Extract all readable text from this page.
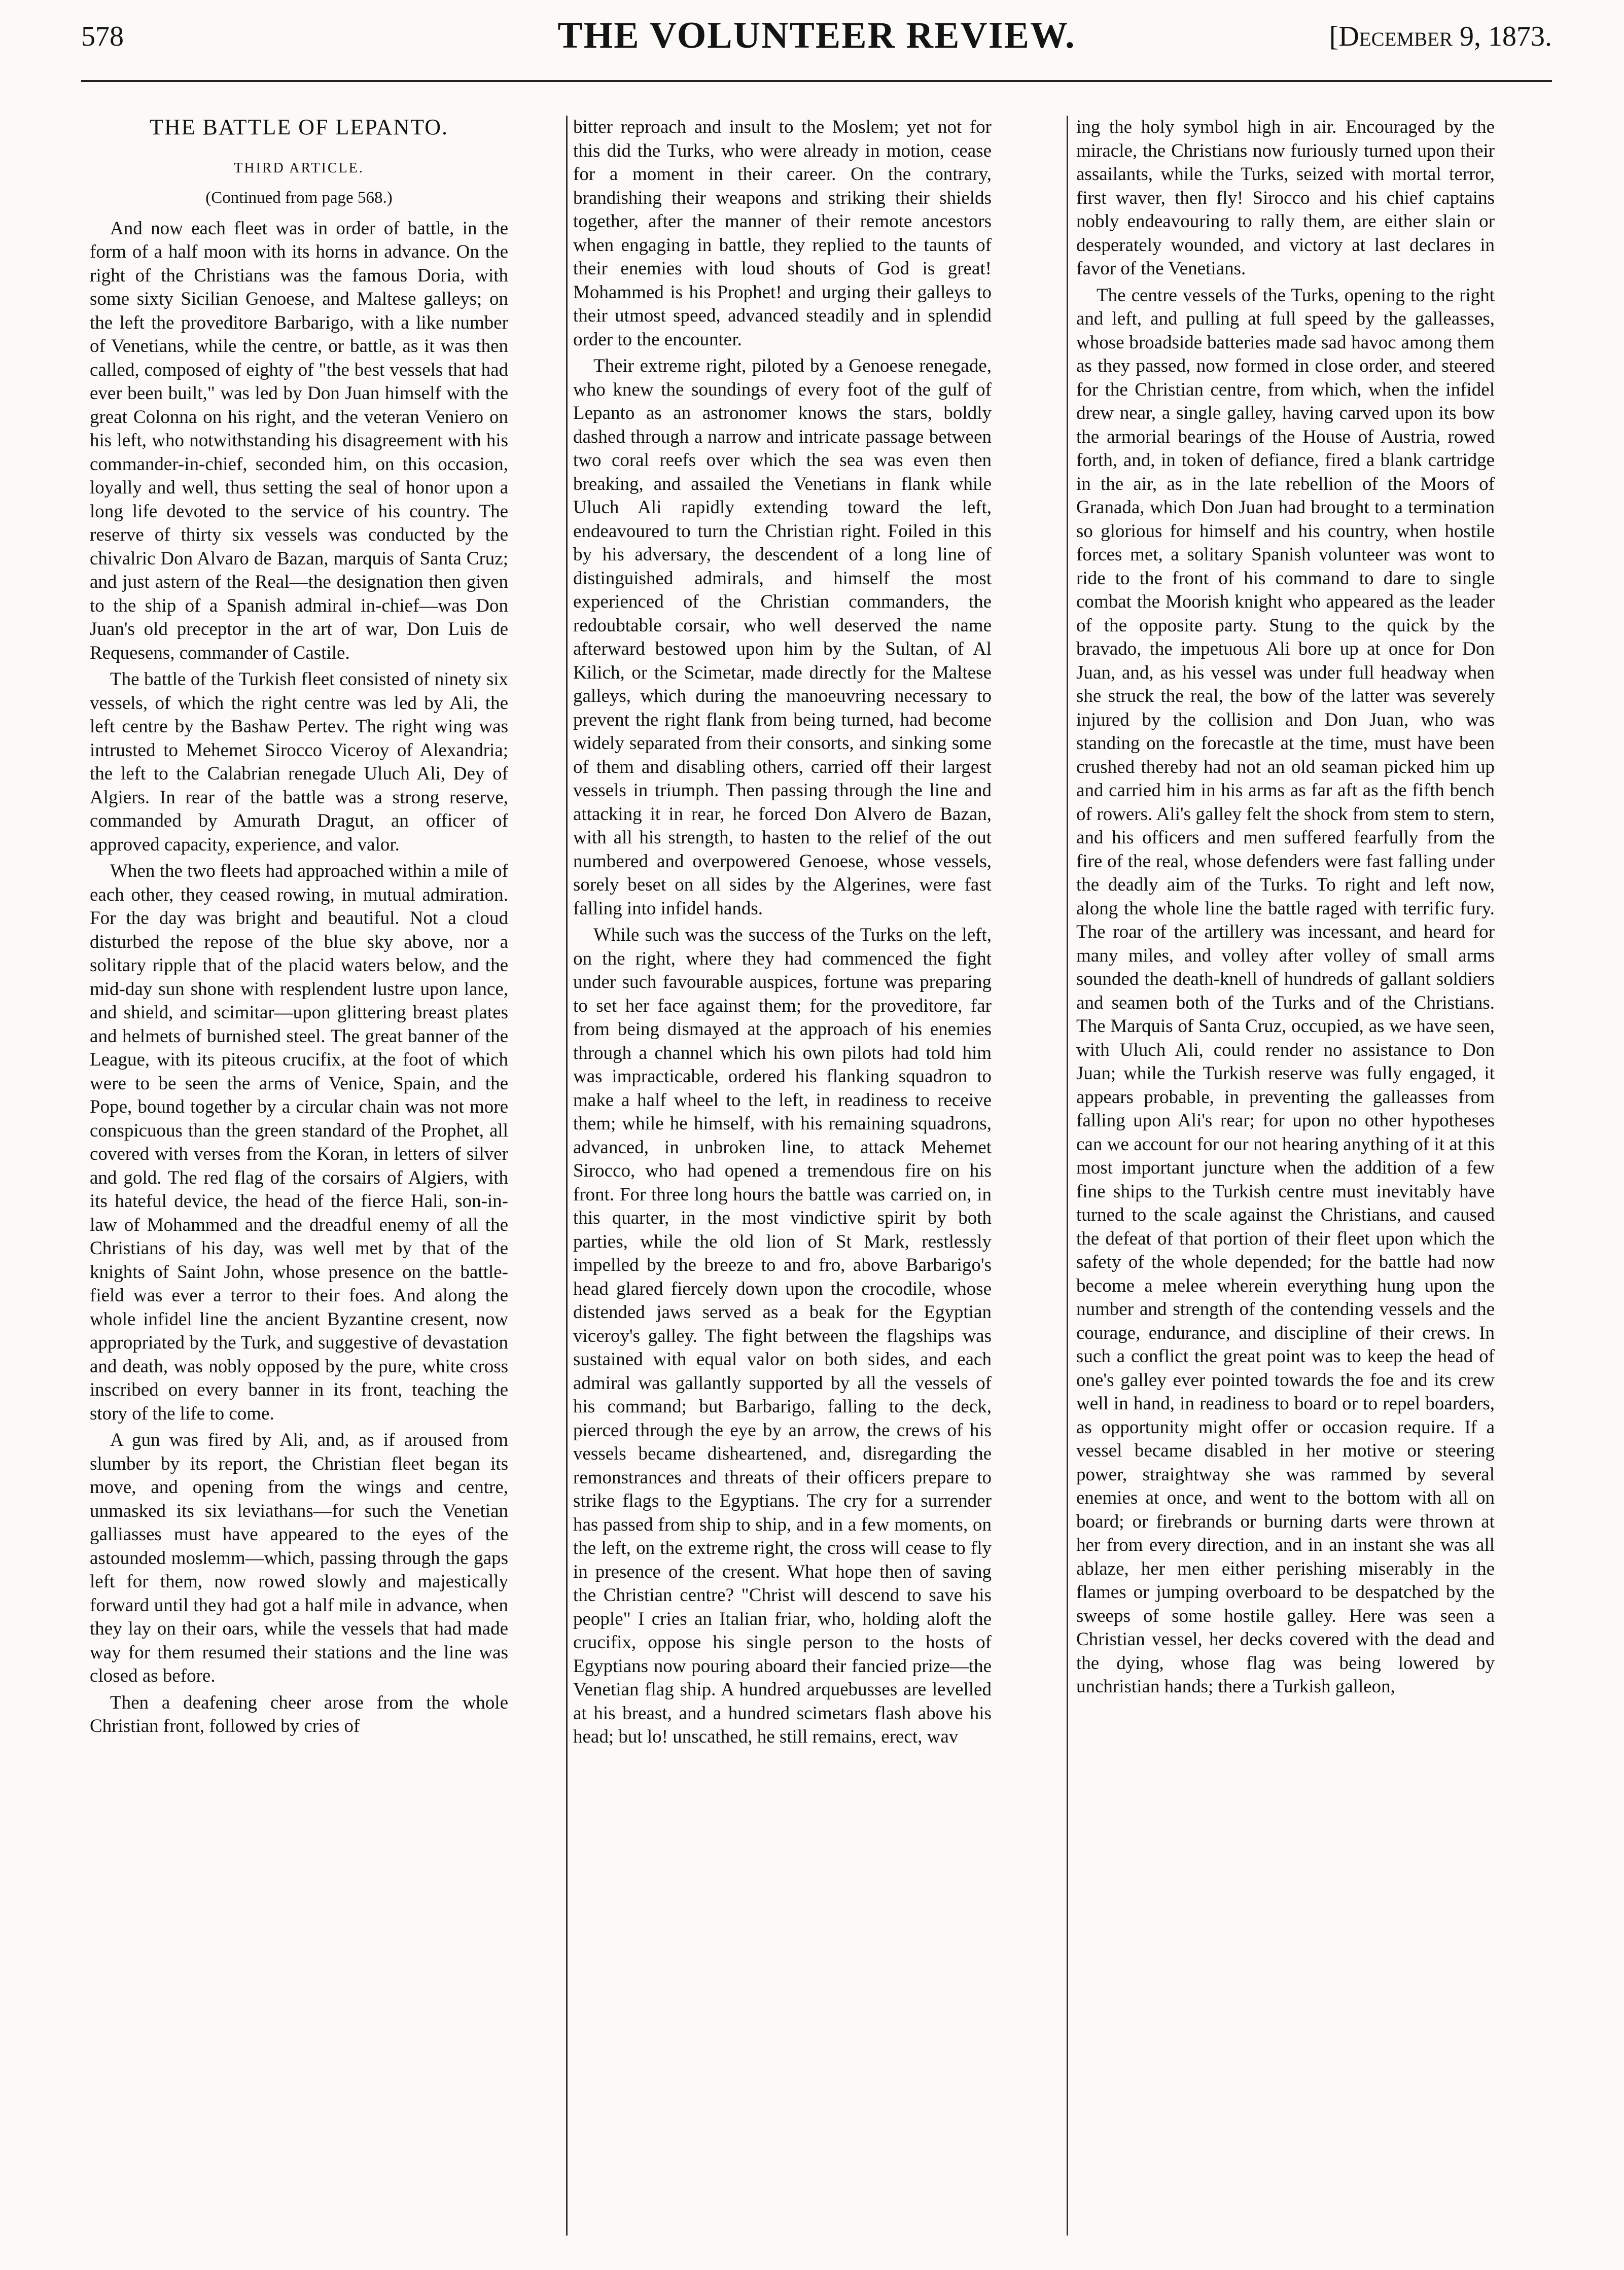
578	THE VOLUNTEER REVIEW.	[December 9, 1873.
THE BATTLE OF LEPANTO.
THIRD ARTICLE.
(Continued from page 568.)

And now each fleet was in order of battle, in the form of a half moon with its horns in advance. On the right of the Christians was the famous Doria, with some sixty Sicilian Genoese, and Maltese galleys; on the left the proveditore Barbarigo, with a like number of Venetians, while the centre, or battle, as it was then called, composed of eighty of "the best vessels that had ever been built," was led by Don Juan himself with the great Colonna on his right, and the veteran Veniero on his left, who notwithstanding his disagreement with his commander-in-chief, seconded him, on this occasion, loyally and well, thus setting the seal of honor upon a long life devoted to the service of his country. The reserve of thirty six vessels was conducted by the chivalric Don Alvaro de Bazan, marquis of Santa Cruz; and just astern of the Real—the designation then given to the ship of a Spanish admiral in-chief—was Don Juan's old preceptor in the art of war, Don Luis de Requesens, commander of Castile.

The battle of the Turkish fleet consisted of ninety six vessels, of which the right centre was led by Ali, the left centre by the Bashaw Pertev. The right wing was intrusted to Mehemet Sirocco Viceroy of Alexandria; the left to the Calabrian renegade Uluch Ali, Dey of Algiers. In rear of the battle was a strong reserve, commanded by Amurath Dragut, an officer of approved capacity, experience, and valor.

When the two fleets had approached within a mile of each other, they ceased rowing, in mutual admiration. For the day was bright and beautiful. Not a cloud disturbed the repose of the blue sky above, nor a solitary ripple that of the placid waters below, and the mid-day sun shone with resplendent lustre upon lance, and shield, and scimitar—upon glittering breast plates and helmets of burnished steel. The great banner of the League, with its piteous crucifix, at the foot of which were to be seen the arms of Venice, Spain, and the Pope, bound together by a circular chain was not more conspicuous than the green standard of the Prophet, all covered with verses from the Koran, in letters of silver and gold. The red flag of the corsairs of Algiers, with its hateful device, the head of the fierce Hali, son-in-law of Mohammed and the dreadful enemy of all the Christians of his day, was well met by that of the knights of Saint John, whose presence on the battle-field was ever a terror to their foes. And along the whole infidel line the ancient Byzantine cresent, now appropriated by the Turk, and suggestive of devastation and death, was nobly opposed by the pure, white cross inscribed on every banner in its front, teaching the story of the life to come.

A gun was fired by Ali, and, as if aroused from slumber by its report, the Christian fleet began its move, and opening from the wings and centre, unmasked its six leviathans—for such the Venetian galliasses must have appeared to the eyes of the astounded moslemm—which, passing through the gaps left for them, now rowed slowly and majestically forward until they had got a half mile in advance, when they lay on their oars, while the vessels that had made way for them resumed their stations and the line was closed as before.

Then a deafening cheer arose from the whole Christian front, followed by cries of

bitter reproach and insult to the Moslem; yet not for this did the Turks, who were already in motion, cease for a moment in their career. On the contrary, brandishing their weapons and striking their shields together, after the manner of their remote ancestors when engaging in battle, they replied to the taunts of their enemies with loud shouts of God is great! Mohammed is his Prophet! and urging their galleys to their utmost speed, advanced steadily and in splendid order to the encounter.

Their extreme right, piloted by a Genoese renegade, who knew the soundings of every foot of the gulf of Lepanto as an astronomer knows the stars, boldly dashed through a narrow and intricate passage between two coral reefs over which the sea was even then breaking, and assailed the Venetians in flank while Uluch Ali rapidly extending toward the left, endeavoured to turn the Christian right. Foiled in this by his adversary, the descendent of a long line of distinguished admirals, and himself the most experienced of the Christian commanders, the redoubtable corsair, who well deserved the name afterward bestowed upon him by the Sultan, of Al Kilich, or the Scimetar, made directly for the Maltese galleys, which during the manoeuvring necessary to prevent the right flank from being turned, had become widely separated from their consorts, and sinking some of them and disabling others, carried off their largest vessels in triumph. Then passing through the line and attacking it in rear, he forced Don Alvero de Bazan, with all his strength, to hasten to the relief of the out numbered and overpowered Genoese, whose vessels, sorely beset on all sides by the Algerines, were fast falling into infidel hands.

While such was the success of the Turks on the left, on the right, where they had commenced the fight under such favourable auspices, fortune was preparing to set her face against them; for the proveditore, far from being dismayed at the approach of his enemies through a channel which his own pilots had told him was impracticable, ordered his flanking squadron to make a half wheel to the left, in readiness to receive them; while he himself, with his remaining squadrons, advanced, in unbroken line, to attack Mehemet Sirocco, who had opened a tremendous fire on his front. For three long hours the battle was carried on, in this quarter, in the most vindictive spirit by both parties, while the old lion of St Mark, restlessly impelled by the breeze to and fro, above Barbarigo's head glared fiercely down upon the crocodile, whose distended jaws served as a beak for the Egyptian viceroy's galley. The fight between the flagships was sustained with equal valor on both sides, and each admiral was gallantly supported by all the vessels of his command; but Barbarigo, falling to the deck, pierced through the eye by an arrow, the crews of his vessels became disheartened, and, disregarding the remonstrances and threats of their officers prepare to strike flags to the Egyptians. The cry for a surrender has passed from ship to ship, and in a few moments, on the left, on the extreme right, the cross will cease to fly in presence of the cresent. What hope then of saving the Christian centre? "Christ will descend to save his people" I cries an Italian friar, who, holding aloft the crucifix, oppose his single person to the hosts of Egyptians now pouring aboard their fancied prize—the Venetian flag ship. A hundred arquebusses are levelled at his breast, and a hundred scimetars flash above his head; but lo! unscathed, he still remains, erect, wav

ing the holy symbol high in air. Encouraged by the miracle, the Christians now furiously turned upon their assailants, while the Turks, seized with mortal terror, first waver, then fly! Sirocco and his chief captains nobly endeavouring to rally them, are either slain or desperately wounded, and victory at last declares in favor of the Venetians.

The centre vessels of the Turks, opening to the right and left, and pulling at full speed by the galleasses, whose broadside batteries made sad havoc among them as they passed, now formed in close order, and steered for the Christian centre, from which, when the infidel drew near, a single galley, having carved upon its bow the armorial bearings of the House of Austria, rowed forth, and, in token of defiance, fired a blank cartridge in the air, as in the late rebellion of the Moors of Granada, which Don Juan had brought to a termination so glorious for himself and his country, when hostile forces met, a solitary Spanish volunteer was wont to ride to the front of his command to dare to single combat the Moorish knight who appeared as the leader of the opposite party. Stung to the quick by the bravado, the impetuous Ali bore up at once for Don Juan, and, as his vessel was under full headway when she struck the real, the bow of the latter was severely injured by the collision and Don Juan, who was standing on the forecastle at the time, must have been crushed thereby had not an old seaman picked him up and carried him in his arms as far aft as the fifth bench of rowers. Ali's galley felt the shock from stem to stern, and his officers and men suffered fearfully from the fire of the real, whose defenders were fast falling under the deadly aim of the Turks. To right and left now, along the whole line the battle raged with terrific fury. The roar of the artillery was incessant, and heard for many miles, and volley after volley of small arms sounded the death-knell of hundreds of gallant soldiers and seamen both of the Turks and of the Christians. The Marquis of Santa Cruz, occupied, as we have seen, with Uluch Ali, could render no assistance to Don Juan; while the Turkish reserve was fully engaged, it appears probable, in preventing the galleasses from falling upon Ali's rear; for upon no other hypotheses can we account for our not hearing anything of it at this most important juncture when the addition of a few fine ships to the Turkish centre must inevitably have turned to the scale against the Christians, and caused the defeat of that portion of their fleet upon which the safety of the whole depended; for the battle had now become a melee wherein everything hung upon the number and strength of the contending vessels and the courage, endurance, and discipline of their crews. In such a conflict the great point was to keep the head of one's galley ever pointed towards the foe and its crew well in hand, in readiness to board or to repel boarders, as opportunity might offer or occasion require. If a vessel became disabled in her motive or steering power, straightway she was rammed by several enemies at once, and went to the bottom with all on board; or firebrands or burning darts were thrown at her from every direction, and in an instant she was all ablaze, her men either perishing miserably in the flames or jumping overboard to be despatched by the sweeps of some hostile galley. Here was seen a Christian vessel, her decks covered with the dead and the dying, whose flag was being lowered by unchristian hands; there a Turkish galleon,
